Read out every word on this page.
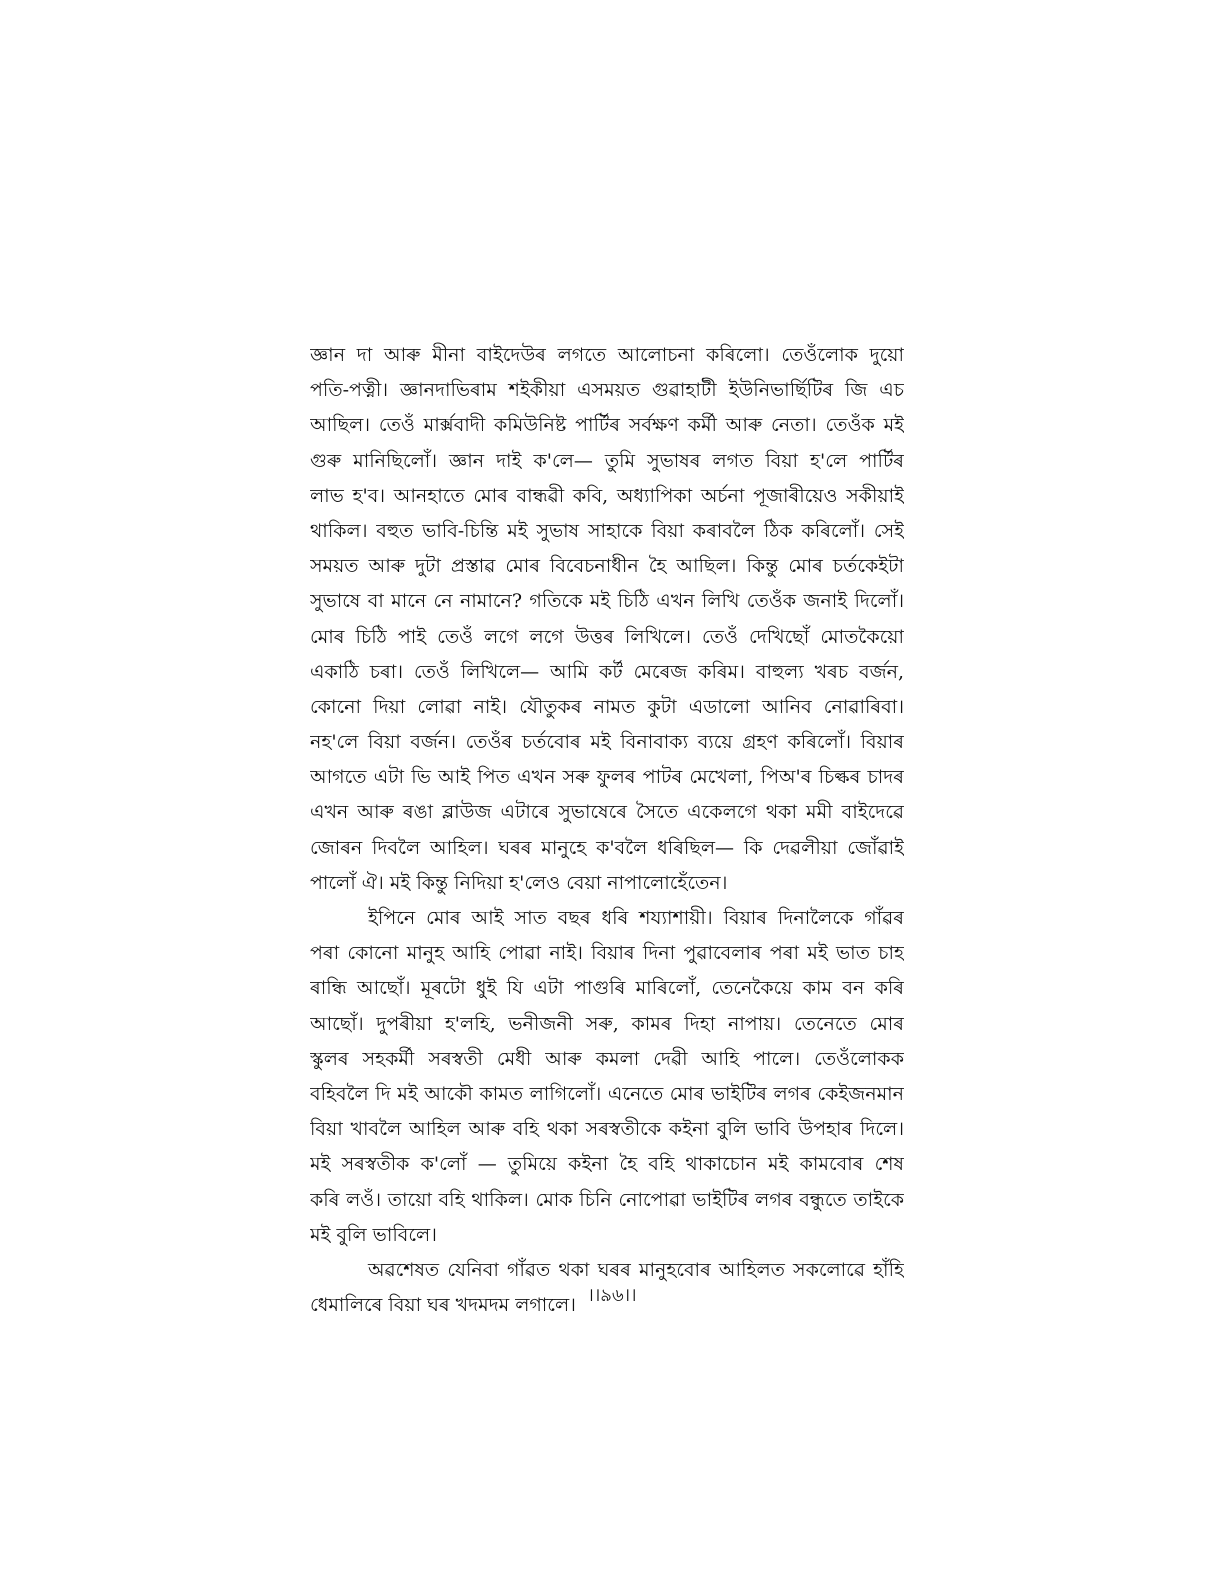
জ্ঞান দা আৰু মীনা বাইদেউৰ লগতে আলোচনা কৰিলো। তেওঁলোক দুয়ো
পতি-পত্নী। জ্ঞানদাভিৰাম শইকীয়া এসময়ত গুৱাহাটী ইউনিভাৰ্ছিটিৰ জি এচ
আছিল। তেওঁ মাৰ্ক্সবাদী কমিউনিষ্ট পাৰ্টিৰ সৰ্বক্ষণ কৰ্মী আৰু নেতা। তেওঁক মই
গুৰু মানিছিলোঁ। জ্ঞান দাই ক'লে— তুমি সুভাষৰ লগত বিয়া হ'লে পাৰ্টিৰ
লাভ হ'ব। আনহাতে মোৰ বান্ধৱী কবি, অধ্যাপিকা অৰ্চনা পূজাৰীয়েও সকীয়াই
থাকিল। বহুত ভাবি-চিন্তি মই সুভাষ সাহাকে বিয়া কৰাবলৈ ঠিক কৰিলোঁ। সেই
সময়ত আৰু দুটা প্ৰস্তাৱ মোৰ বিবেচনাধীন হৈ আছিল। কিন্তু মোৰ চৰ্তকেইটা
সুভাষে বা মানে নে নামানে? গতিকে মই চিঠি এখন লিখি তেওঁক জনাই দিলোঁ।
মোৰ চিঠি পাই তেওঁ লগে লগে উত্তৰ লিখিলে। তেওঁ দেখিছোঁ মোতকৈয়ো
একাঠি চৰা। তেওঁ লিখিলে— আমি কৰ্ট মেৰেজ কৰিম। বাহুল্য খৰচ বৰ্জন,
কোনো দিয়া লোৱা নাই। যৌতুকৰ নামত কুটা এডালো আনিব নোৱাৰিবা।
নহ'লে বিয়া বৰ্জন। তেওঁৰ চৰ্তবোৰ মই বিনাবাক্য ব্যয়ে গ্ৰহণ কৰিলোঁ। বিয়াৰ
আগতে এটা ভি আই পিত এখন সৰু ফুলৰ পাটৰ মেখেলা, পিঅ'ৰ চিল্কৰ চাদৰ
এখন আৰু ৰঙা ব্লাউজ এটাৰে সুভাষেৰে সৈতে একেলগে থকা মমী বাইদেৱে
জোৰন দিবলৈ আহিল। ঘৰৰ মানুহে ক'বলৈ ধৰিছিল— কি দেৱলীয়া জোঁৱাই
পালোঁ ঐ। মই কিন্তু নিদিয়া হ'লেও বেয়া নাপালোহেঁতেন।
ইপিনে মোৰ আই সাত বছৰ ধৰি শয্যাশায়ী। বিয়াৰ দিনালৈকে গাঁৱৰ
পৰা কোনো মানুহ আহি পোৱা নাই। বিয়াৰ দিনা পুৱাবেলাৰ পৰা মই ভাত চাহ
ৰান্ধি আছোঁ। মূৰটো ধুই যি এটা পাগুৰি মাৰিলোঁ, তেনেকৈয়ে কাম বন কৰি
আছোঁ। দুপৰীয়া হ'লহি, ভনীজনী সৰু, কামৰ দিহা নাপায়। তেনেতে মোৰ
স্কুলৰ সহকৰ্মী সৰস্বতী মেধী আৰু কমলা দেৱী আহি পালে। তেওঁলোকক
বহিবলৈ দি মই আকৌ কামত লাগিলোঁ। এনেতে মোৰ ভাইটিৰ লগৰ কেইজনমান
বিয়া খাবলৈ আহিল আৰু বহি থকা সৰস্বতীকে কইনা বুলি ভাবি উপহাৰ দিলে।
মই সৰস্বতীক ক'লোঁ — তুমিয়ে কইনা হৈ বহি থাকাচোন মই কামবোৰ শেষ
কৰি লওঁ। তায়ো বহি থাকিল। মোক চিনি নোপোৱা ভাইটিৰ লগৰ বন্ধুতে তাইকে
মই বুলি ভাবিলে।
অৱশেষত যেনিবা গাঁৱত থকা ঘৰৰ মানুহবোৰ আহিলত সকলোৱে হাঁহি
ধেমালিৰে বিয়া ঘৰ খদমদম লগালে। ।।৯৬।।
